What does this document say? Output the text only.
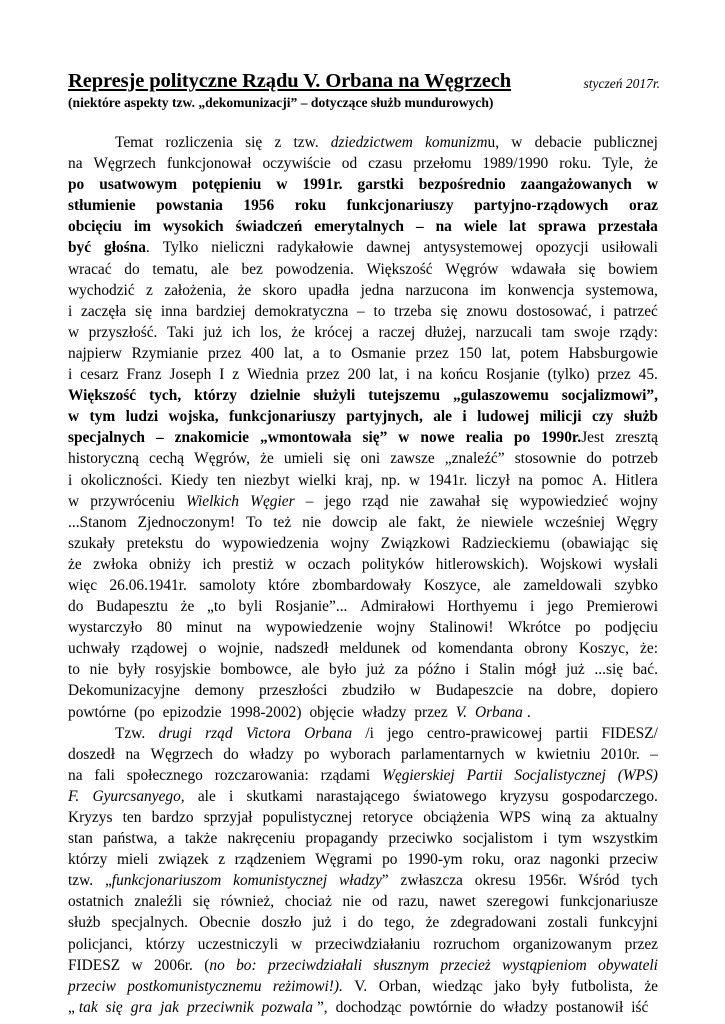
Represje polityczne Rządu V. Orbana na Węgrzech	styczeń 2017r.
(niektóre aspekty tzw. „dekomunizacji” – dotyczące służb mundurowych)
Temat rozliczenia się z tzw. dziedzictwem komunizmu, w debacie publicznej
na Węgrzech funkcjonował oczywiście od czasu przełomu 1989/1990 roku. Tyle, że
po usatwowym potępieniu w 1991r. garstki bezpośrednio zaangażowanych w
stłumienie powstania 1956 roku funkcjonariuszy partyjno-rządowych oraz
obcięciu im wysokich świadczeń emerytalnych – na wiele lat sprawa przestała
być głośna. Tylko nieliczni radykałowie dawnej antysystemowej opozycji usiłowali
wracać do tematu, ale bez powodzenia. Większość Węgrów wdawała się bowiem
wychodzić z założenia, że skoro upadła jedna narzucona im konwencja systemowa,
i zaczęła się inna bardziej demokratyczna – to trzeba się znowu dostosować, i patrzeć
w przyszłość. Taki już ich los, że krócej a raczej dłużej, narzucali tam swoje rządy:
najpierw Rzymianie przez 400 lat, a to Osmanie przez 150 lat, potem Habsburgowie
i cesarz Franz Joseph I z Wiednia przez 200 lat, i na końcu Rosjanie (tylko) przez 45.
Większość tych, którzy dzielnie służyli tutejszemu „gulaszowemu socjalizmowi”,
w tym ludzi wojska, funkcjonariuszy partyjnych, ale i ludowej milicji czy służb
specjalnych – znakomicie „wmontowała się” w nowe realia po 1990r.Jest zresztą
historyczną cechą Węgrów, że umieli się oni zawsze „znaleźć” stosownie do potrzeb
i okoliczności. Kiedy ten niezbyt wielki kraj, np. w 1941r. liczył na pomoc A. Hitlera
w przywróceniu Wielkich Węgier – jego rząd nie zawahał się wypowiedzieć wojny
...Stanom Zjednoczonym! To też nie dowcip ale fakt, że niewiele wcześniej Węgry
szukały pretekstu do wypowiedzenia wojny Związkowi Radzieckiemu (obawiając się
że zwłoka obniży ich prestiż w oczach polityków hitlerowskich). Wojskowi wysłali
więc 26.06.1941r. samoloty które zbombardowały Koszyce, ale zameldowali szybko
do Budapesztu że „to byli Rosjanie”... Admirałowi Horthyemu i jego Premierowi
wystarczyło 80 minut na wypowiedzenie wojny Stalinowi! Wkrótce po podjęciu
uchwały rządowej o wojnie, nadszedł meldunek od komendanta obrony Koszyc, że:
to nie były rosyjskie bombowce, ale było już za późno i Stalin mógł już ...się bać.
Dekomunizacyjne demony przeszłości zbudziło w Budapeszcie na dobre, dopiero
powtórne (po epizodzie 1998-2002) objęcie władzy przez V. Orbana .
Tzw. drugi rząd Victora Orbana /i jego centro-prawicowej partii FIDESZ/
doszedł na Węgrzech do władzy po wyborach parlamentarnych w kwietniu 2010r. –
na fali społecznego rozczarowania: rządami Węgierskiej Partii Socjalistycznej (WPS)
F. Gyurcsanyego, ale i skutkami narastającego światowego kryzysu gospodarczego.
Kryzys ten bardzo sprzyjał populistycznej retoryce obciążenia WPS winą za aktualny
stan państwa, a także nakręceniu propagandy przeciwko socjalistom i tym wszystkim
którzy mieli związek z rządzeniem Węgrami po 1990-ym roku, oraz nagonki przeciw
tzw. „funkcjonariuszom komunistycznej władzy” zwłaszcza okresu 1956r. Wśród tych
ostatnich znaleźli się również, chociaż nie od razu, nawet szeregowi funkcjonariusze
służb specjalnych. Obecnie doszło już i do tego, że zdegradowani zostali funkcyjni
policjanci, którzy uczestniczyli w przeciwdziałaniu rozruchom organizowanym przez
FIDESZ w 2006r. (no bo: przeciwdziałali słusznym przecież wystąpieniom obywateli
przeciw postkomunistycznemu reżimowi!). V. Orban, wiedząc jako były futbolista, że
„ tak się gra jak przeciwnik pozwala ”, dochodząc powtórnie do władzy postanowił iść
